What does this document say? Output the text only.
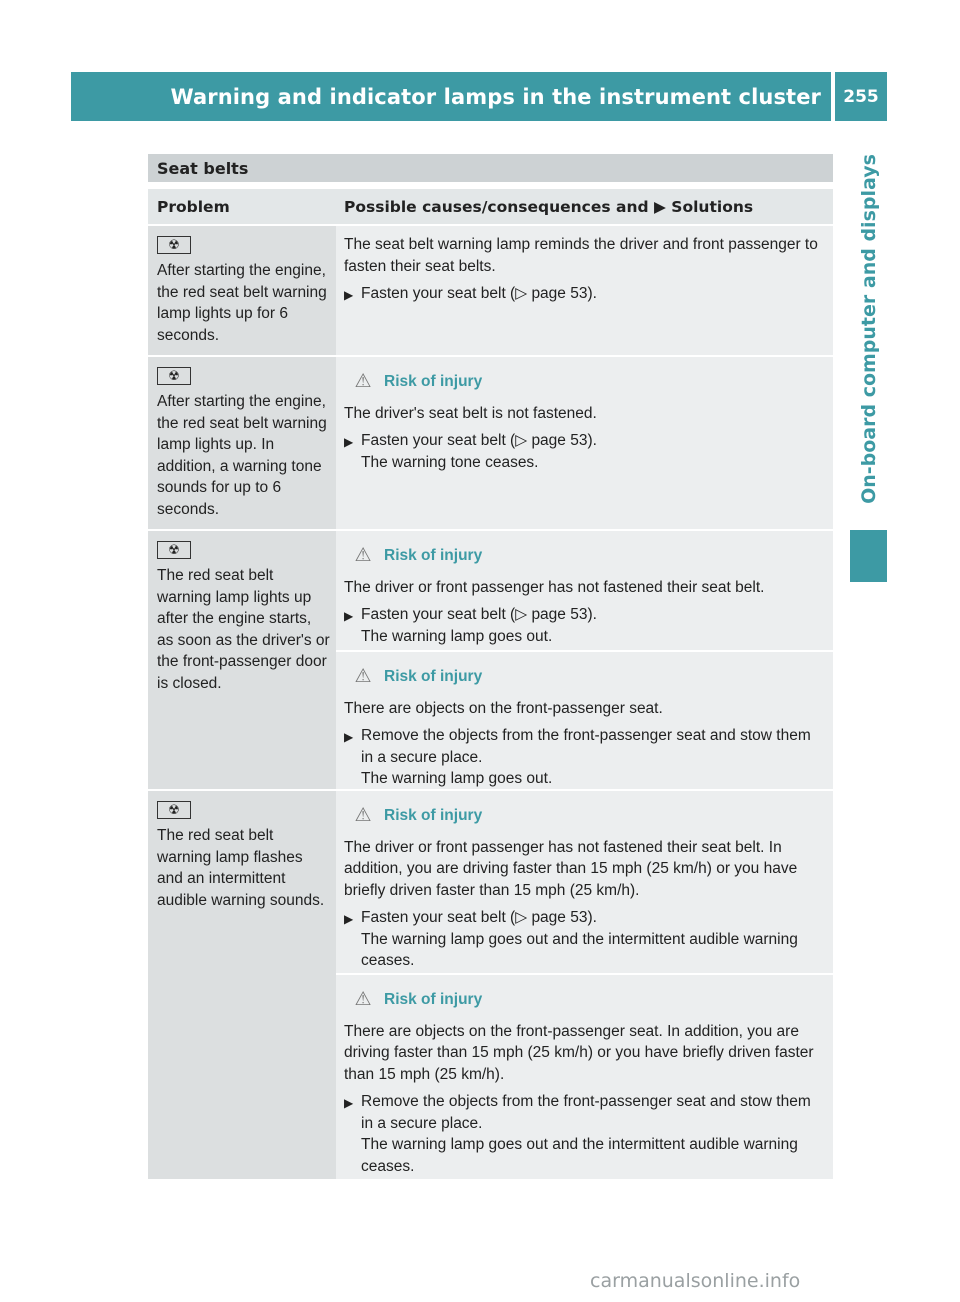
Warning and indicator lamps in the instrument cluster	255
On-board computer and displays
Seat belts
Problem	Possible causes/consequences and ▶ Solutions
☢

After starting the engine, the red seat belt warning lamp lights up for 6 seconds.

The seat belt warning lamp reminds the driver and front passenger to fasten their seat belts.

▶ Fasten your seat belt (▷ page 53).
☢

After starting the engine, the red seat belt warning lamp lights up. In addition, a warning tone sounds for up to 6 seconds.

⚠ Risk of injury

The driver's seat belt is not fastened.

▶ Fasten your seat belt (▷ page 53).

The warning tone ceases.

☢

The red seat belt warning lamp lights up after the engine starts, as soon as the driver's or the front-passenger door is closed.

⚠ Risk of injury

The driver or front passenger has not fastened their seat belt.

▶ Fasten your seat belt (▷ page 53).

The warning lamp goes out.

⚠ Risk of injury

There are objects on the front-passenger seat.

▶ Remove the objects from the front-passenger seat and stow them in a secure place.

The warning lamp goes out.

☢

The red seat belt warning lamp flashes and an intermittent audible warning sounds.

⚠ Risk of injury

The driver or front passenger has not fastened their seat belt. In addition, you are driving faster than 15 mph (25 km/h) or you have briefly driven faster than 15 mph (25 km/h).

▶ Fasten your seat belt (▷ page 53).

The warning lamp goes out and the intermittent audible warning ceases.

⚠ Risk of injury

There are objects on the front-passenger seat. In addition, you are driving faster than 15 mph (25 km/h) or you have briefly driven faster than 15 mph (25 km/h).

▶ Remove the objects from the front-passenger seat and stow them in a secure place.

The warning lamp goes out and the intermittent audible warning ceases.

carmanualsonline.info
